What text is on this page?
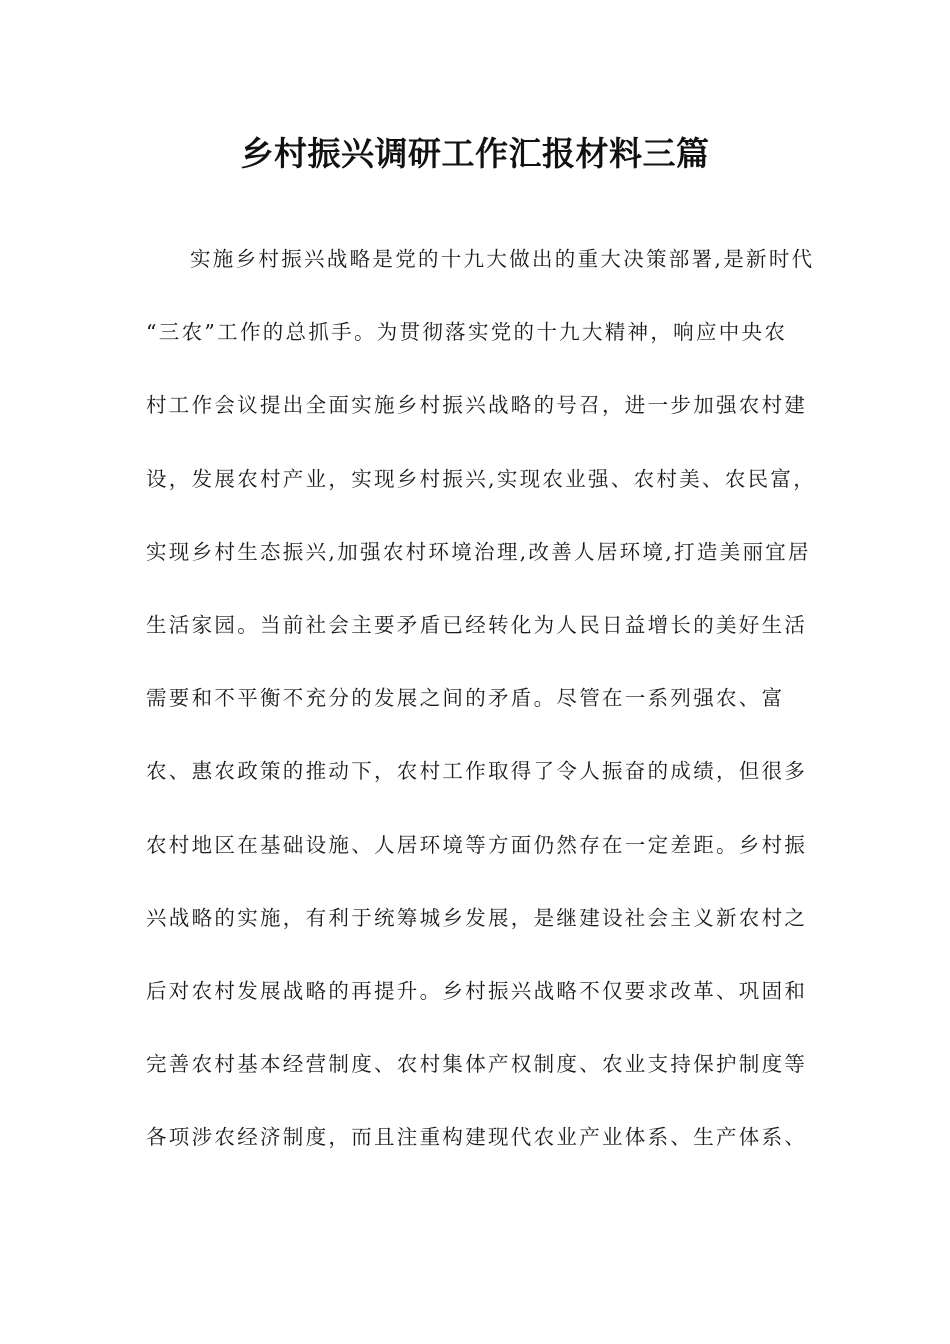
乡村振兴调研工作汇报材料三篇
实施乡村振兴战略是党的十九大做出的重大决策部署,是新时代
“三农”工作的总抓手。为贯彻落实党的十九大精神，响应中央农
村工作会议提出全面实施乡村振兴战略的号召，进一步加强农村建
设，发展农村产业，实现乡村振兴,实现农业强、农村美、农民富，
实现乡村生态振兴,加强农村环境治理,改善人居环境,打造美丽宜居
生活家园。当前社会主要矛盾已经转化为人民日益增长的美好生活
需要和不平衡不充分的发展之间的矛盾。尽管在一系列强农、富
农、惠农政策的推动下，农村工作取得了令人振奋的成绩，但很多
农村地区在基础设施、人居环境等方面仍然存在一定差距。乡村振
兴战略的实施，有利于统筹城乡发展，是继建设社会主义新农村之
后对农村发展战略的再提升。乡村振兴战略不仅要求改革、巩固和
完善农村基本经营制度、农村集体产权制度、农业支持保护制度等
各项涉农经济制度，而且注重构建现代农业产业体系、生产体系、
